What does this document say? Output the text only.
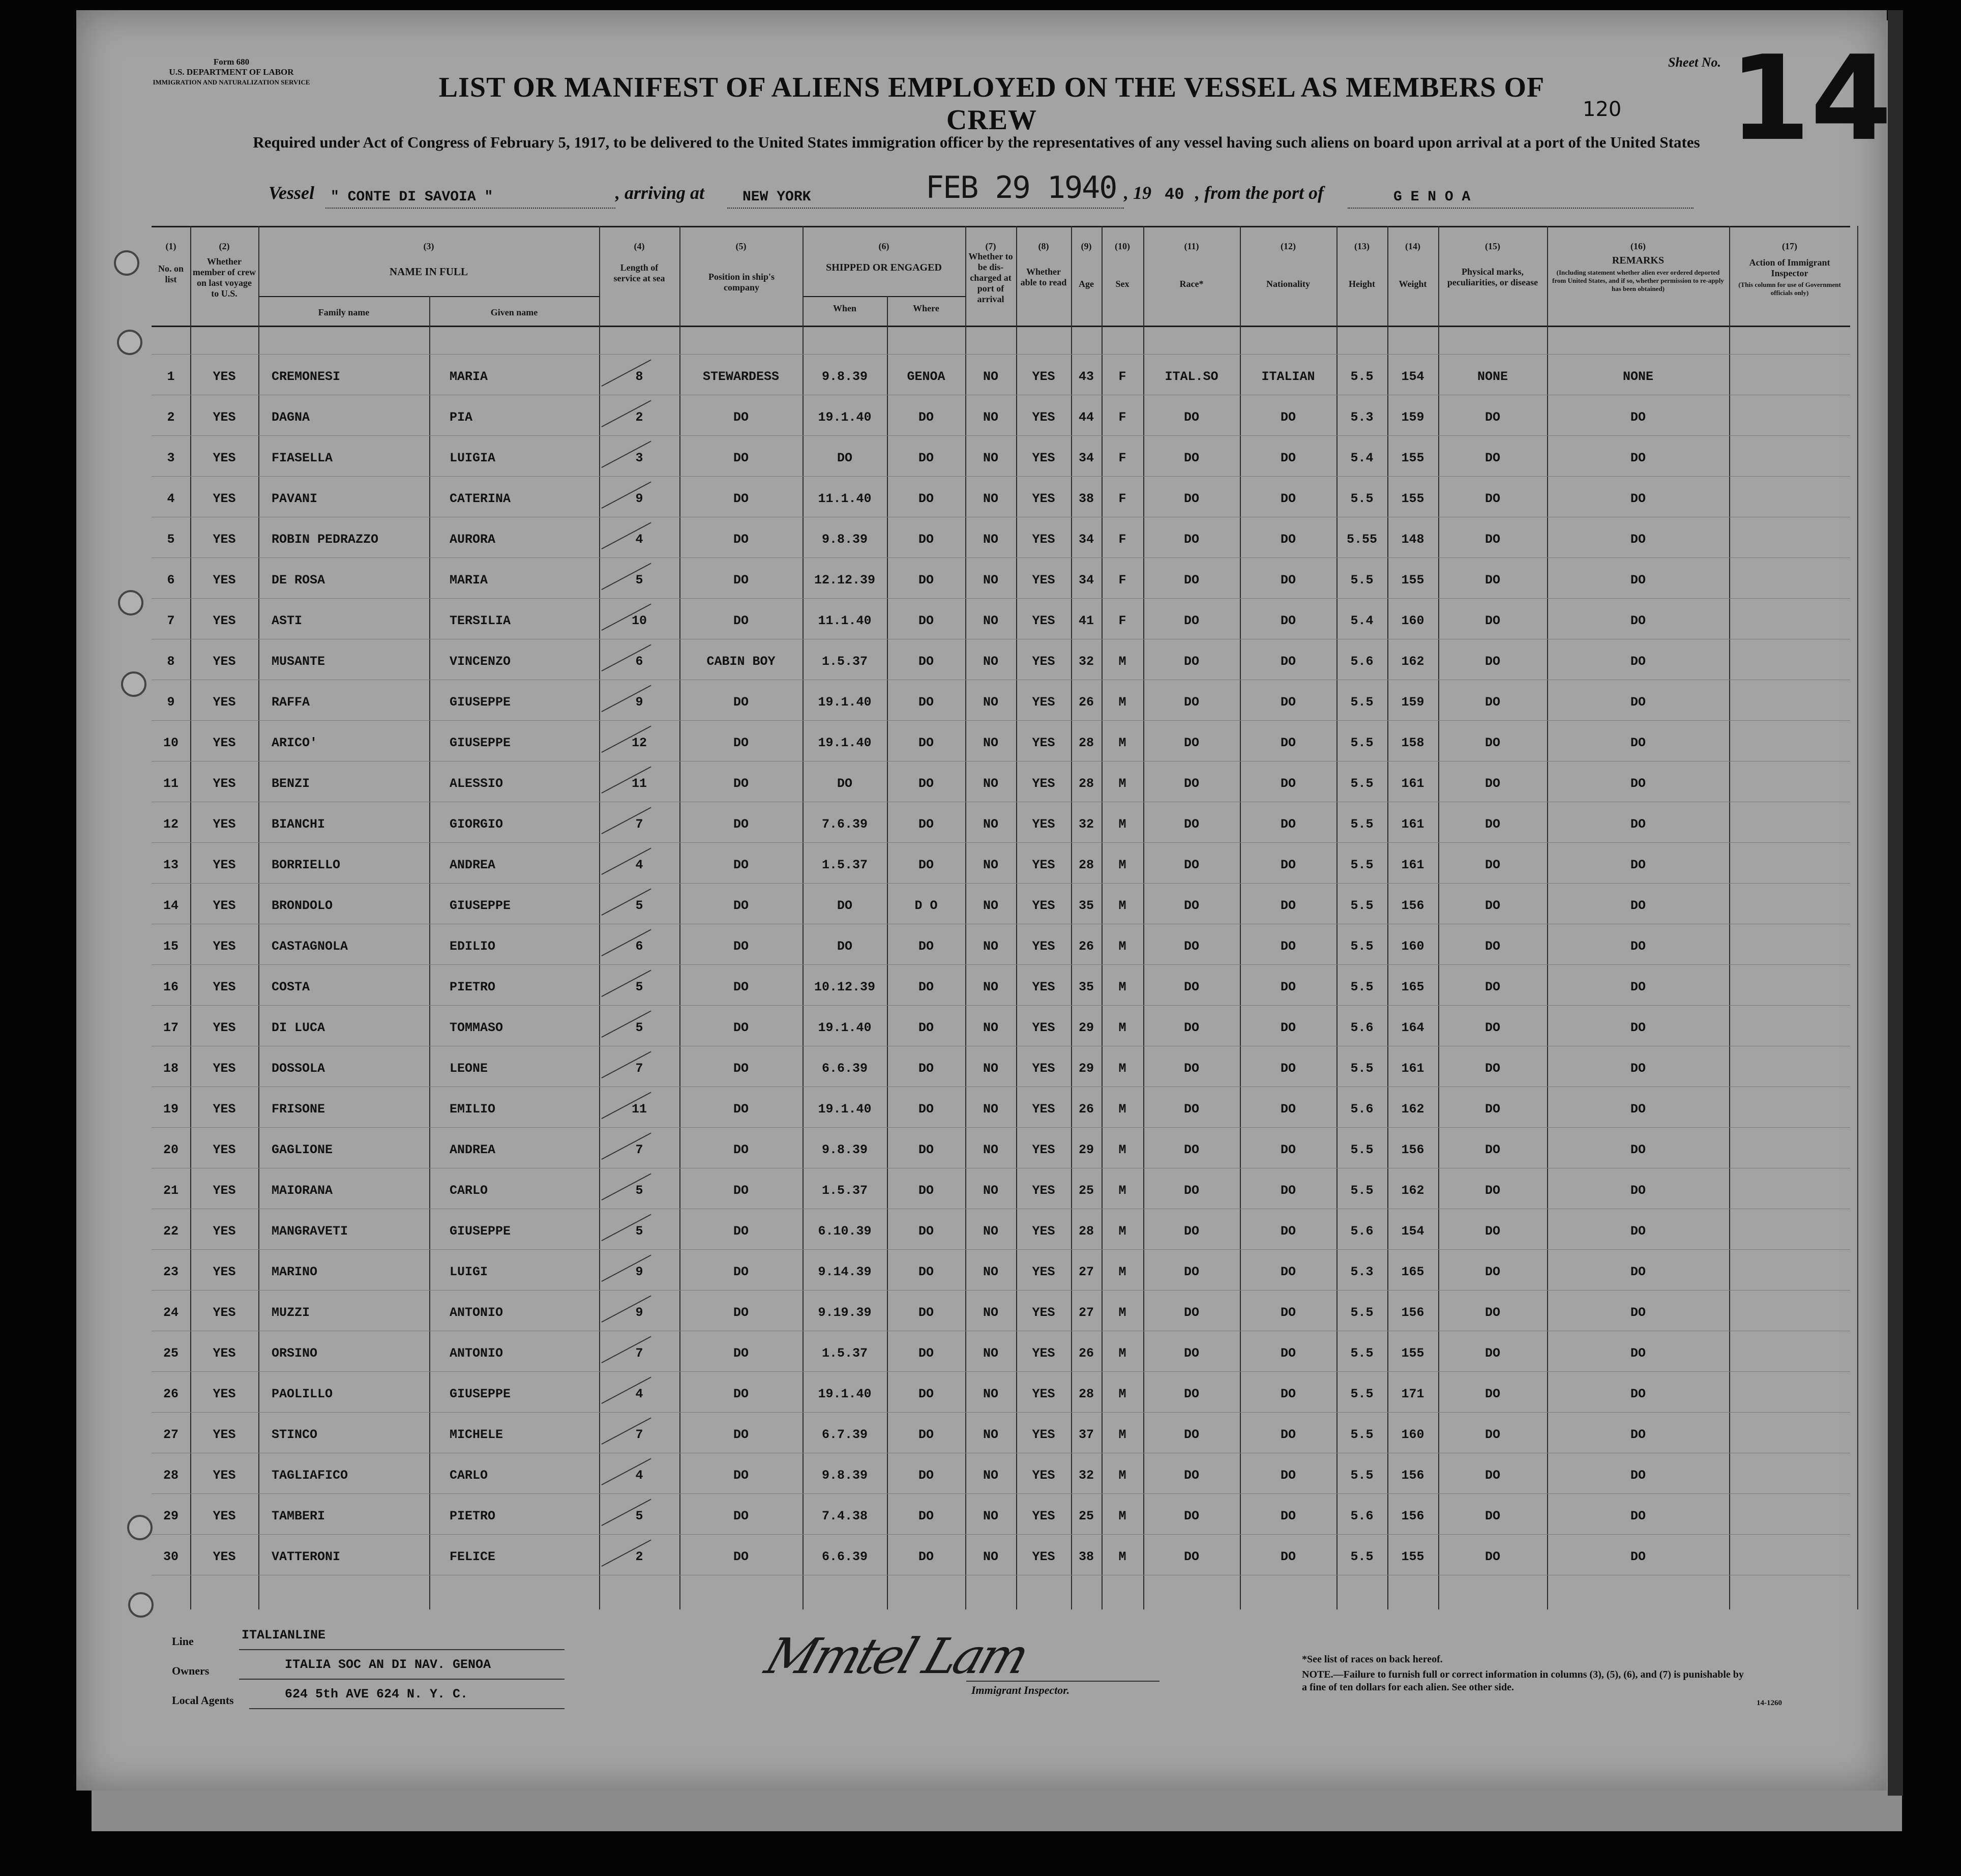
Form 680
U.S. DEPARTMENT OF LABOR
IMMIGRATION AND NATURALIZATION SERVICE	LIST OR MANIFEST OF ALIENS EMPLOYED ON THE VESSEL AS MEMBERS OF CREW
Required under Act of Congress of February 5, 1917, to be delivered to the United States immigration officer by the representatives of any vessel having such aliens on board upon arrival at a port of the United States
Sheet No. 14
120
Vessel " CONTE DI SAVOIA "	, arriving at	NEW YORK	FEB 29 1940 , 19 40 , from the port of	G E N O A
(1)
No. on list
(2)
Whether member of crew on last voyage to U.S.
(3)
NAME IN FULL
Family name	Given name
(4)
Length of service at sea
(5)
Position in ship's company
(6)
SHIPPED OR ENGAGED
When	Where
(7)
Whether to be dis-charged at port of arrival
(8)
Whether able to read
(9)
Age
(10)
Sex
(11)
Race*
(12)
Nationality
(13)
Height
(14)
Weight
(15)
Physical marks, peculiarities, or disease
(16)
REMARKS
(Including statement whether alien ever ordered deported from United States, and if so, whether permission to re-apply has been obtained)
(17)
Action of Immigrant Inspector
(This column for use of Government officials only)
1	YES	CREMONESI	MARIA	8	STEWARDESS	9.8.39	GENOA	NO	YES	43	F	ITAL.SO	ITALIAN	5.5	154	NONE	NONE
2	YES	DAGNA	PIA	2	DO	19.1.40	DO	NO	YES	44	F	DO	DO	5.3	159	DO	DO
3	YES	FIASELLA	LUIGIA	3	DO	DO	DO	NO	YES	34	F	DO	DO	5.4	155	DO	DO
4	YES	PAVANI	CATERINA	9	DO	11.1.40	DO	NO	YES	38	F	DO	DO	5.5	155	DO	DO
5	YES	ROBIN PEDRAZZO	AURORA	4	DO	9.8.39	DO	NO	YES	34	F	DO	DO	5.55	148	DO	DO
6	YES	DE ROSA	MARIA	5	DO	12.12.39	DO	NO	YES	34	F	DO	DO	5.5	155	DO	DO
7	YES	ASTI	TERSILIA	10	DO	11.1.40	DO	NO	YES	41	F	DO	DO	5.4	160	DO	DO
8	YES	MUSANTE	VINCENZO	6	CABIN BOY	1.5.37	DO	NO	YES	32	M	DO	DO	5.6	162	DO	DO
9	YES	RAFFA	GIUSEPPE	9	DO	19.1.40	DO	NO	YES	26	M	DO	DO	5.5	159	DO	DO
10	YES	ARICO'	GIUSEPPE	12	DO	19.1.40	DO	NO	YES	28	M	DO	DO	5.5	158	DO	DO
11	YES	BENZI	ALESSIO	11	DO	DO	DO	NO	YES	28	M	DO	DO	5.5	161	DO	DO
12	YES	BIANCHI	GIORGIO	7	DO	7.6.39	DO	NO	YES	32	M	DO	DO	5.5	161	DO	DO
13	YES	BORRIELLO	ANDREA	4	DO	1.5.37	DO	NO	YES	28	M	DO	DO	5.5	161	DO	DO
14	YES	BRONDOLO	GIUSEPPE	5	DO	DO	D O	NO	YES	35	M	DO	DO	5.5	156	DO	DO
15	YES	CASTAGNOLA	EDILIO	6	DO	DO	DO	NO	YES	26	M	DO	DO	5.5	160	DO	DO
16	YES	COSTA	PIETRO	5	DO	10.12.39	DO	NO	YES	35	M	DO	DO	5.5	165	DO	DO
17	YES	DI LUCA	TOMMASO	5	DO	19.1.40	DO	NO	YES	29	M	DO	DO	5.6	164	DO	DO
18	YES	DOSSOLA	LEONE	7	DO	6.6.39	DO	NO	YES	29	M	DO	DO	5.5	161	DO	DO
19	YES	FRISONE	EMILIO	11	DO	19.1.40	DO	NO	YES	26	M	DO	DO	5.6	162	DO	DO
20	YES	GAGLIONE	ANDREA	7	DO	9.8.39	DO	NO	YES	29	M	DO	DO	5.5	156	DO	DO
21	YES	MAIORANA	CARLO	5	DO	1.5.37	DO	NO	YES	25	M	DO	DO	5.5	162	DO	DO
22	YES	MANGRAVETI	GIUSEPPE	5	DO	6.10.39	DO	NO	YES	28	M	DO	DO	5.6	154	DO	DO
23	YES	MARINO	LUIGI	9	DO	9.14.39	DO	NO	YES	27	M	DO	DO	5.3	165	DO	DO
24	YES	MUZZI	ANTONIO	9	DO	9.19.39	DO	NO	YES	27	M	DO	DO	5.5	156	DO	DO
25	YES	ORSINO	ANTONIO	7	DO	1.5.37	DO	NO	YES	26	M	DO	DO	5.5	155	DO	DO
26	YES	PAOLILLO	GIUSEPPE	4	DO	19.1.40	DO	NO	YES	28	M	DO	DO	5.5	171	DO	DO
27	YES	STINCO	MICHELE	7	DO	6.7.39	DO	NO	YES	37	M	DO	DO	5.5	160	DO	DO
28	YES	TAGLIAFICO	CARLO	4	DO	9.8.39	DO	NO	YES	32	M	DO	DO	5.5	156	DO	DO
29	YES	TAMBERI	PIETRO	5	DO	7.4.38	DO	NO	YES	25	M	DO	DO	5.6	156	DO	DO
30	YES	VATTERONI	FELICE	2	DO	6.6.39	DO	NO	YES	38	M	DO	DO	5.5	155	DO	DO
Line	ITALIANLINE
Owners	ITALIA SOC AN DI NAV. GENOA
Local Agents	624 5th AVE 624 N. Y. C.
Mmtel Lam
Immigrant Inspector.
*See list of races on back hereof.
NOTE.—Failure to furnish full or correct information in columns (3), (5), (6), and (7) is punishable by a fine of ten dollars for each alien. See other side.
14-1260
